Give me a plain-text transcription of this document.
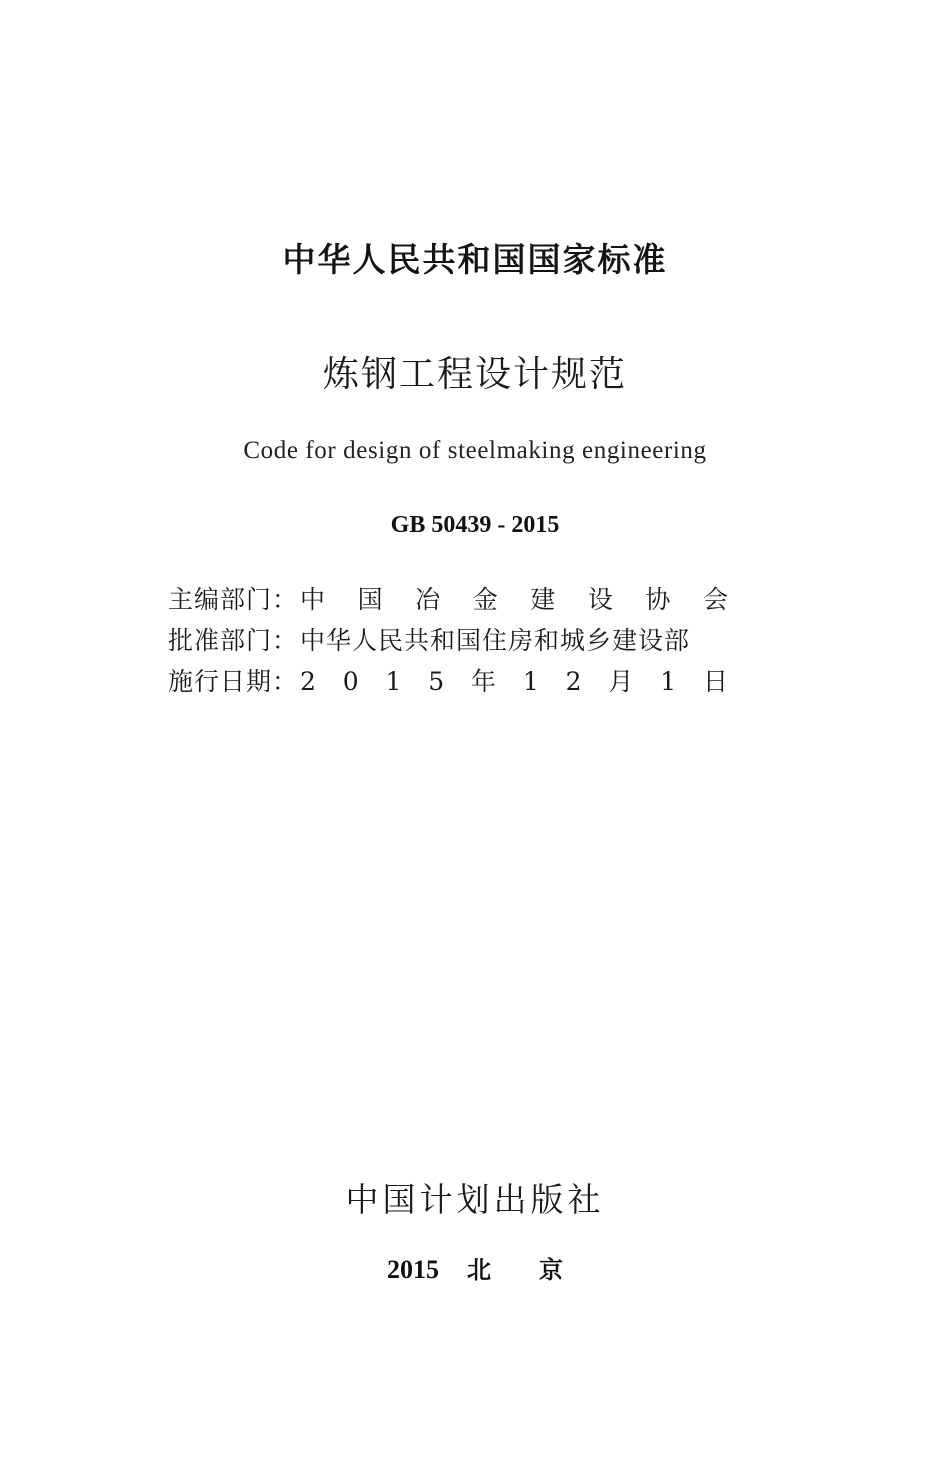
中华人民共和国国家标准
炼钢工程设计规范
Code for design of steelmaking engineering
GB 50439 - 2015
主编部门： 中 国 冶 金 建 设 协 会
批准部门： 中华人民共和国住房和城乡建设部
施行日期： 2 0 1 5 年 1 2 月 1 日
中国计划出版社
2015 北京
